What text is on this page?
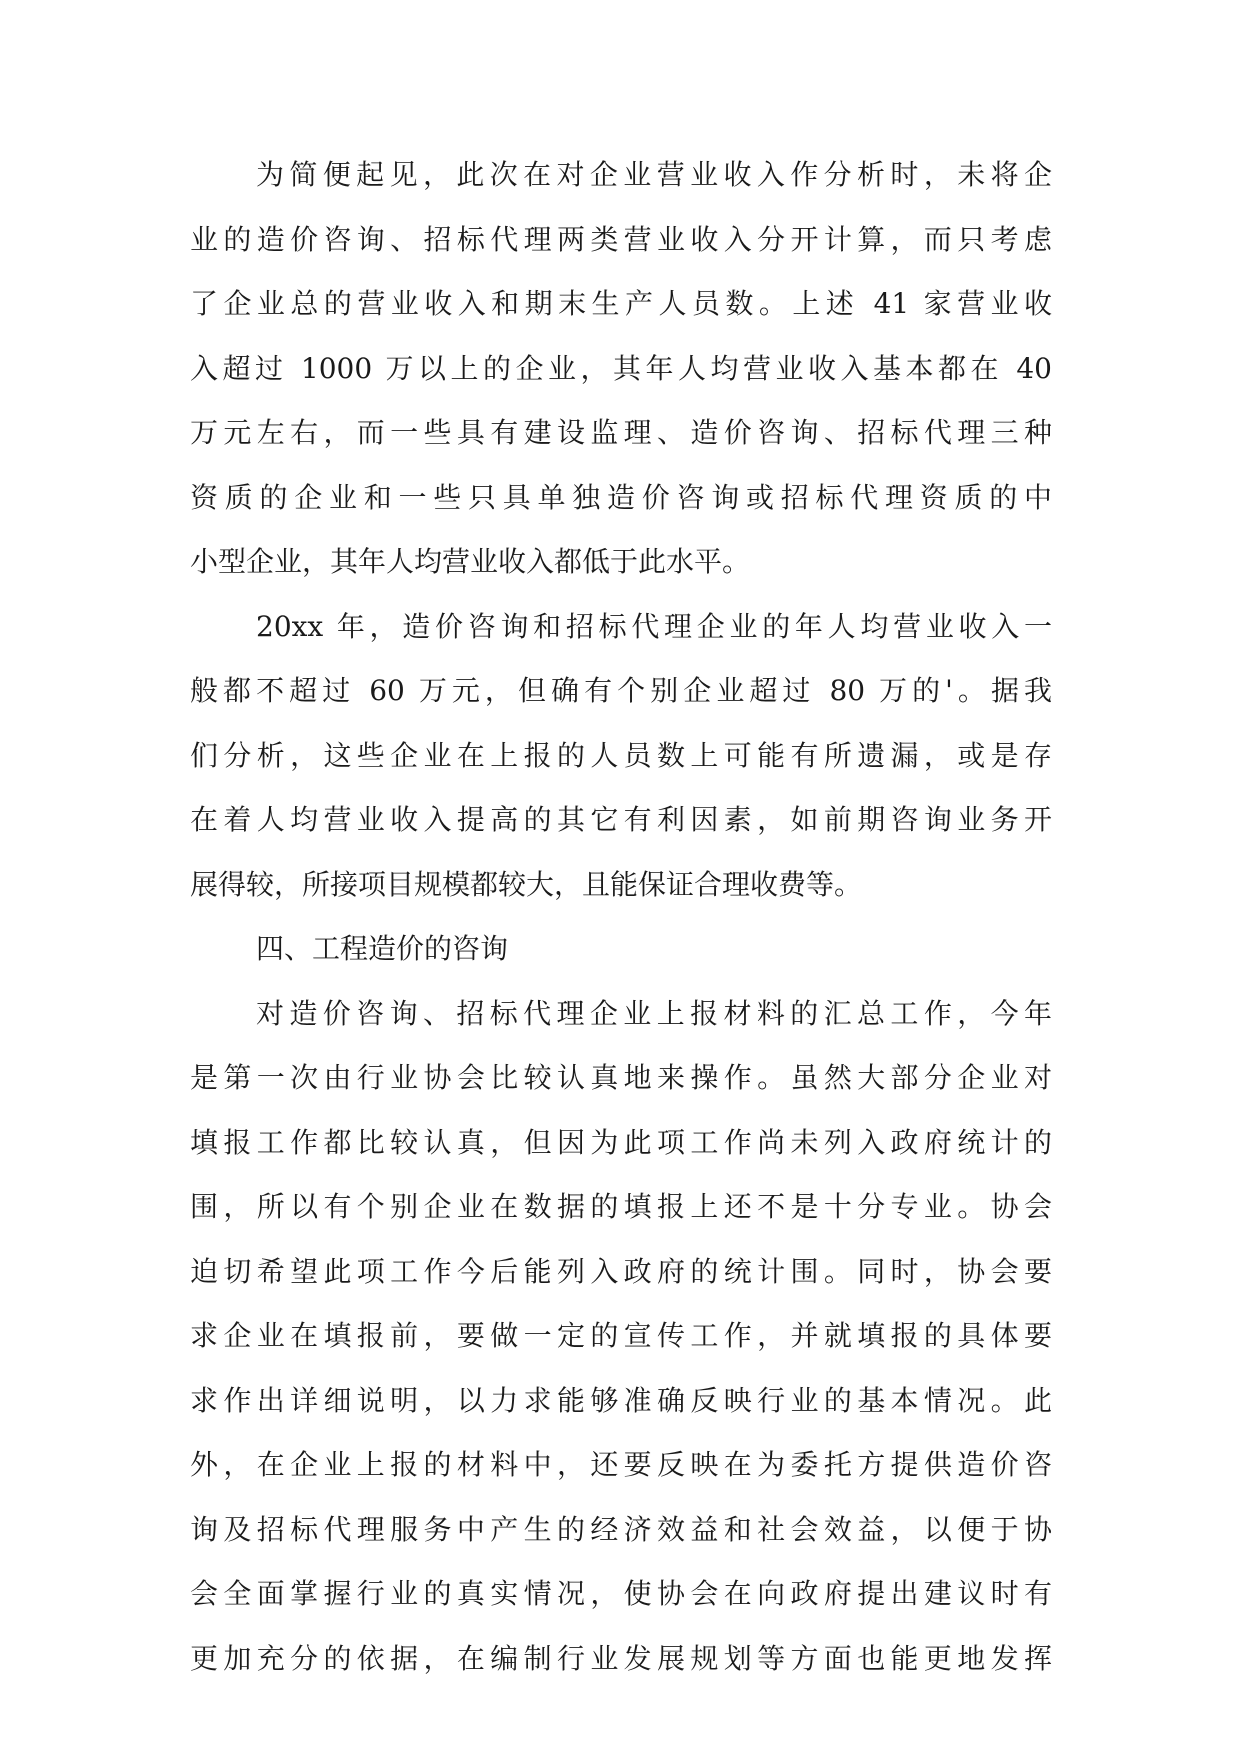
为简便起见，此次在对企业营业收入作分析时，未将企
业的造价咨询、招标代理两类营业收入分开计算，而只考虑
了企业总的营业收入和期末生产人员数。上述 41 家营业收
入超过 1000 万以上的企业，其年人均营业收入基本都在 40
万元左右，而一些具有建设监理、造价咨询、招标代理三种
资质的企业和一些只具单独造价咨询或招标代理资质的中
小型企业，其年人均营业收入都低于此水平。
20xx 年，造价咨询和招标代理企业的年人均营业收入一
般都不超过 60 万元，但确有个别企业超过 80 万的'。据我
们分析，这些企业在上报的人员数上可能有所遗漏，或是存
在着人均营业收入提高的其它有利因素，如前期咨询业务开
展得较，所接项目规模都较大，且能保证合理收费等。
四、工程造价的咨询
对造价咨询、招标代理企业上报材料的汇总工作，今年
是第一次由行业协会比较认真地来操作。虽然大部分企业对
填报工作都比较认真，但因为此项工作尚未列入政府统计的
围，所以有个别企业在数据的填报上还不是十分专业。协会
迫切希望此项工作今后能列入政府的统计围。同时，协会要
求企业在填报前，要做一定的宣传工作，并就填报的具体要
求作出详细说明，以力求能够准确反映行业的基本情况。此
外，在企业上报的材料中，还要反映在为委托方提供造价咨
询及招标代理服务中产生的经济效益和社会效益，以便于协
会全面掌握行业的真实情况，使协会在向政府提出建议时有
更加充分的依据，在编制行业发展规划等方面也能更地发挥
